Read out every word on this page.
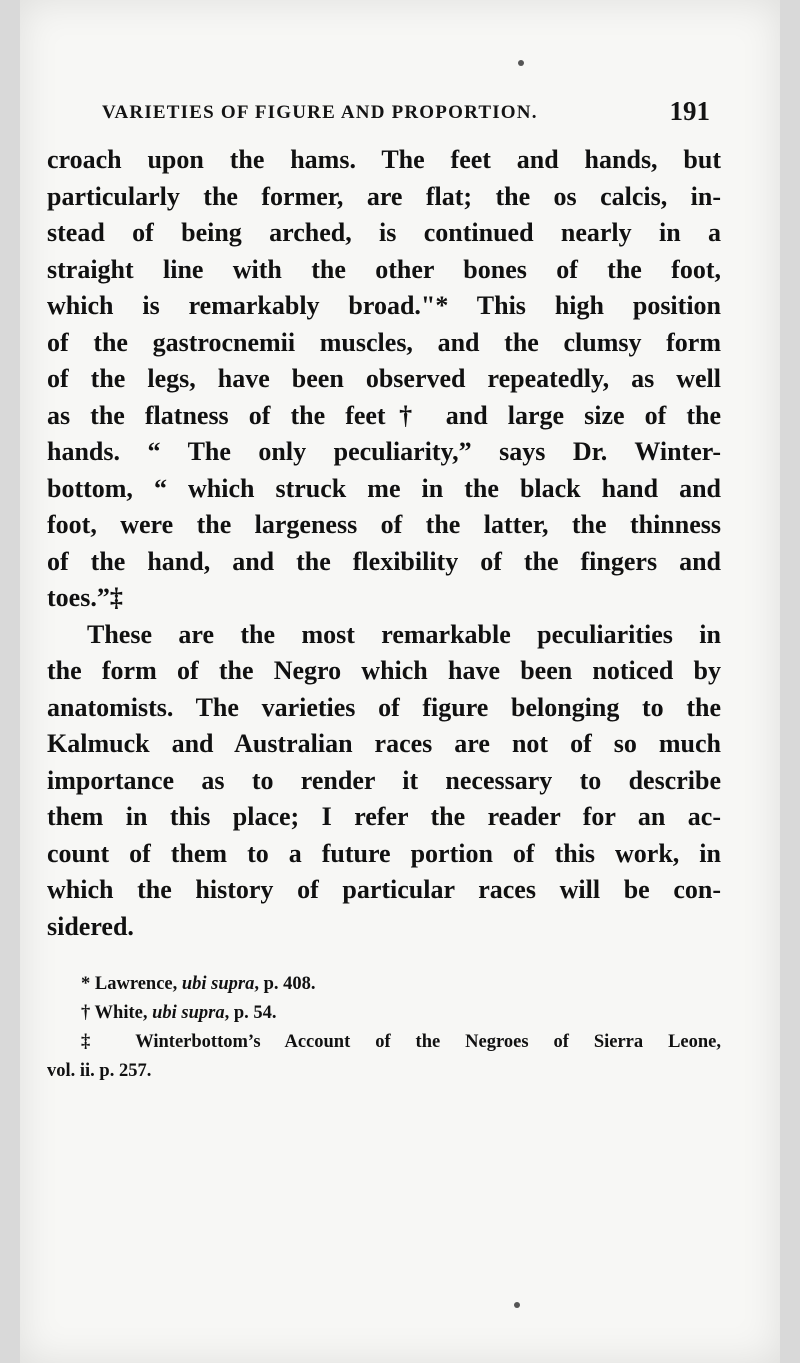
VARIETIES OF FIGURE AND PROPORTION.	191
croach upon the hams. The feet and hands, but
particularly the former, are flat; the os calcis, in-
stead of being arched, is continued nearly in a
straight line with the other bones of the foot,
which is remarkably broad."* This high position
of the gastrocnemii muscles, and the clumsy form
of the legs, have been observed repeatedly, as well
as the flatness of the feet† and large size of the
hands. “ The only peculiarity,” says Dr. Winter-
bottom, “ which struck me in the black hand and
foot, were the largeness of the latter, the thinness
of the hand, and the flexibility of the fingers and
toes.”‡
These are the most remarkable peculiarities in
the form of the Negro which have been noticed by
anatomists. The varieties of figure belonging to the
Kalmuck and Australian races are not of so much
importance as to render it necessary to describe
them in this place; I refer the reader for an ac-
count of them to a future portion of this work, in
which the history of particular races will be con-
sidered.
* Lawrence, ubi supra, p. 408.
† White, ubi supra, p. 54.
‡ Winterbottom’s Account of the Negroes of Sierra Leone,
vol. ii. p. 257.
